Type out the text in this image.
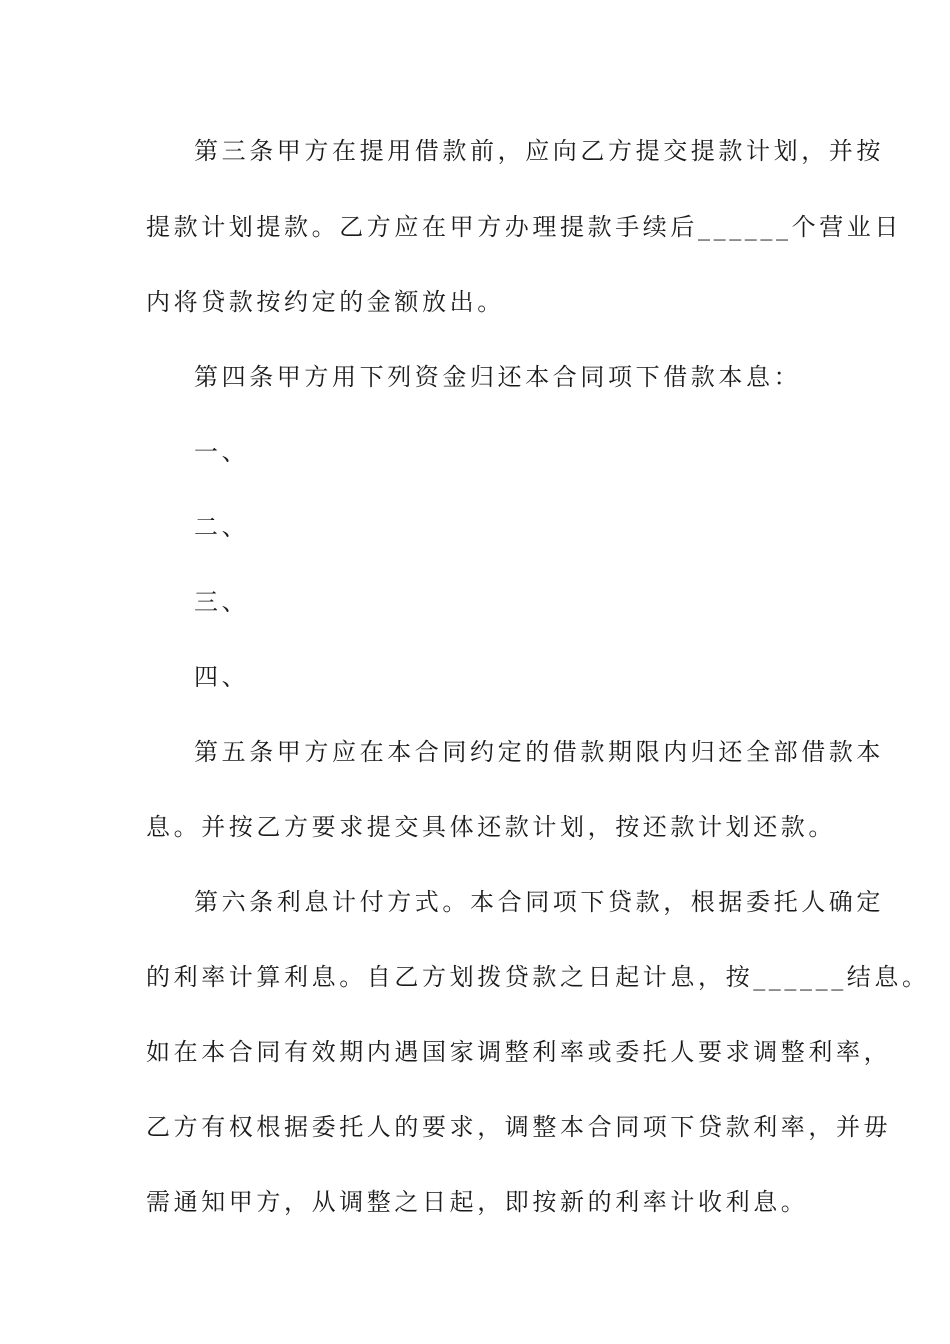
第三条甲方在提用借款前，应向乙方提交提款计划，并按
提款计划提款。乙方应在甲方办理提款手续后______个营业日
内将贷款按约定的金额放出。
第四条甲方用下列资金归还本合同项下借款本息：
一、
二、
三、
四、
第五条甲方应在本合同约定的借款期限内归还全部借款本
息。并按乙方要求提交具体还款计划，按还款计划还款。
第六条利息计付方式。本合同项下贷款，根据委托人确定
的利率计算利息。自乙方划拨贷款之日起计息，按______结息。
如在本合同有效期内遇国家调整利率或委托人要求调整利率，
乙方有权根据委托人的要求，调整本合同项下贷款利率，并毋
需通知甲方，从调整之日起，即按新的利率计收利息。
